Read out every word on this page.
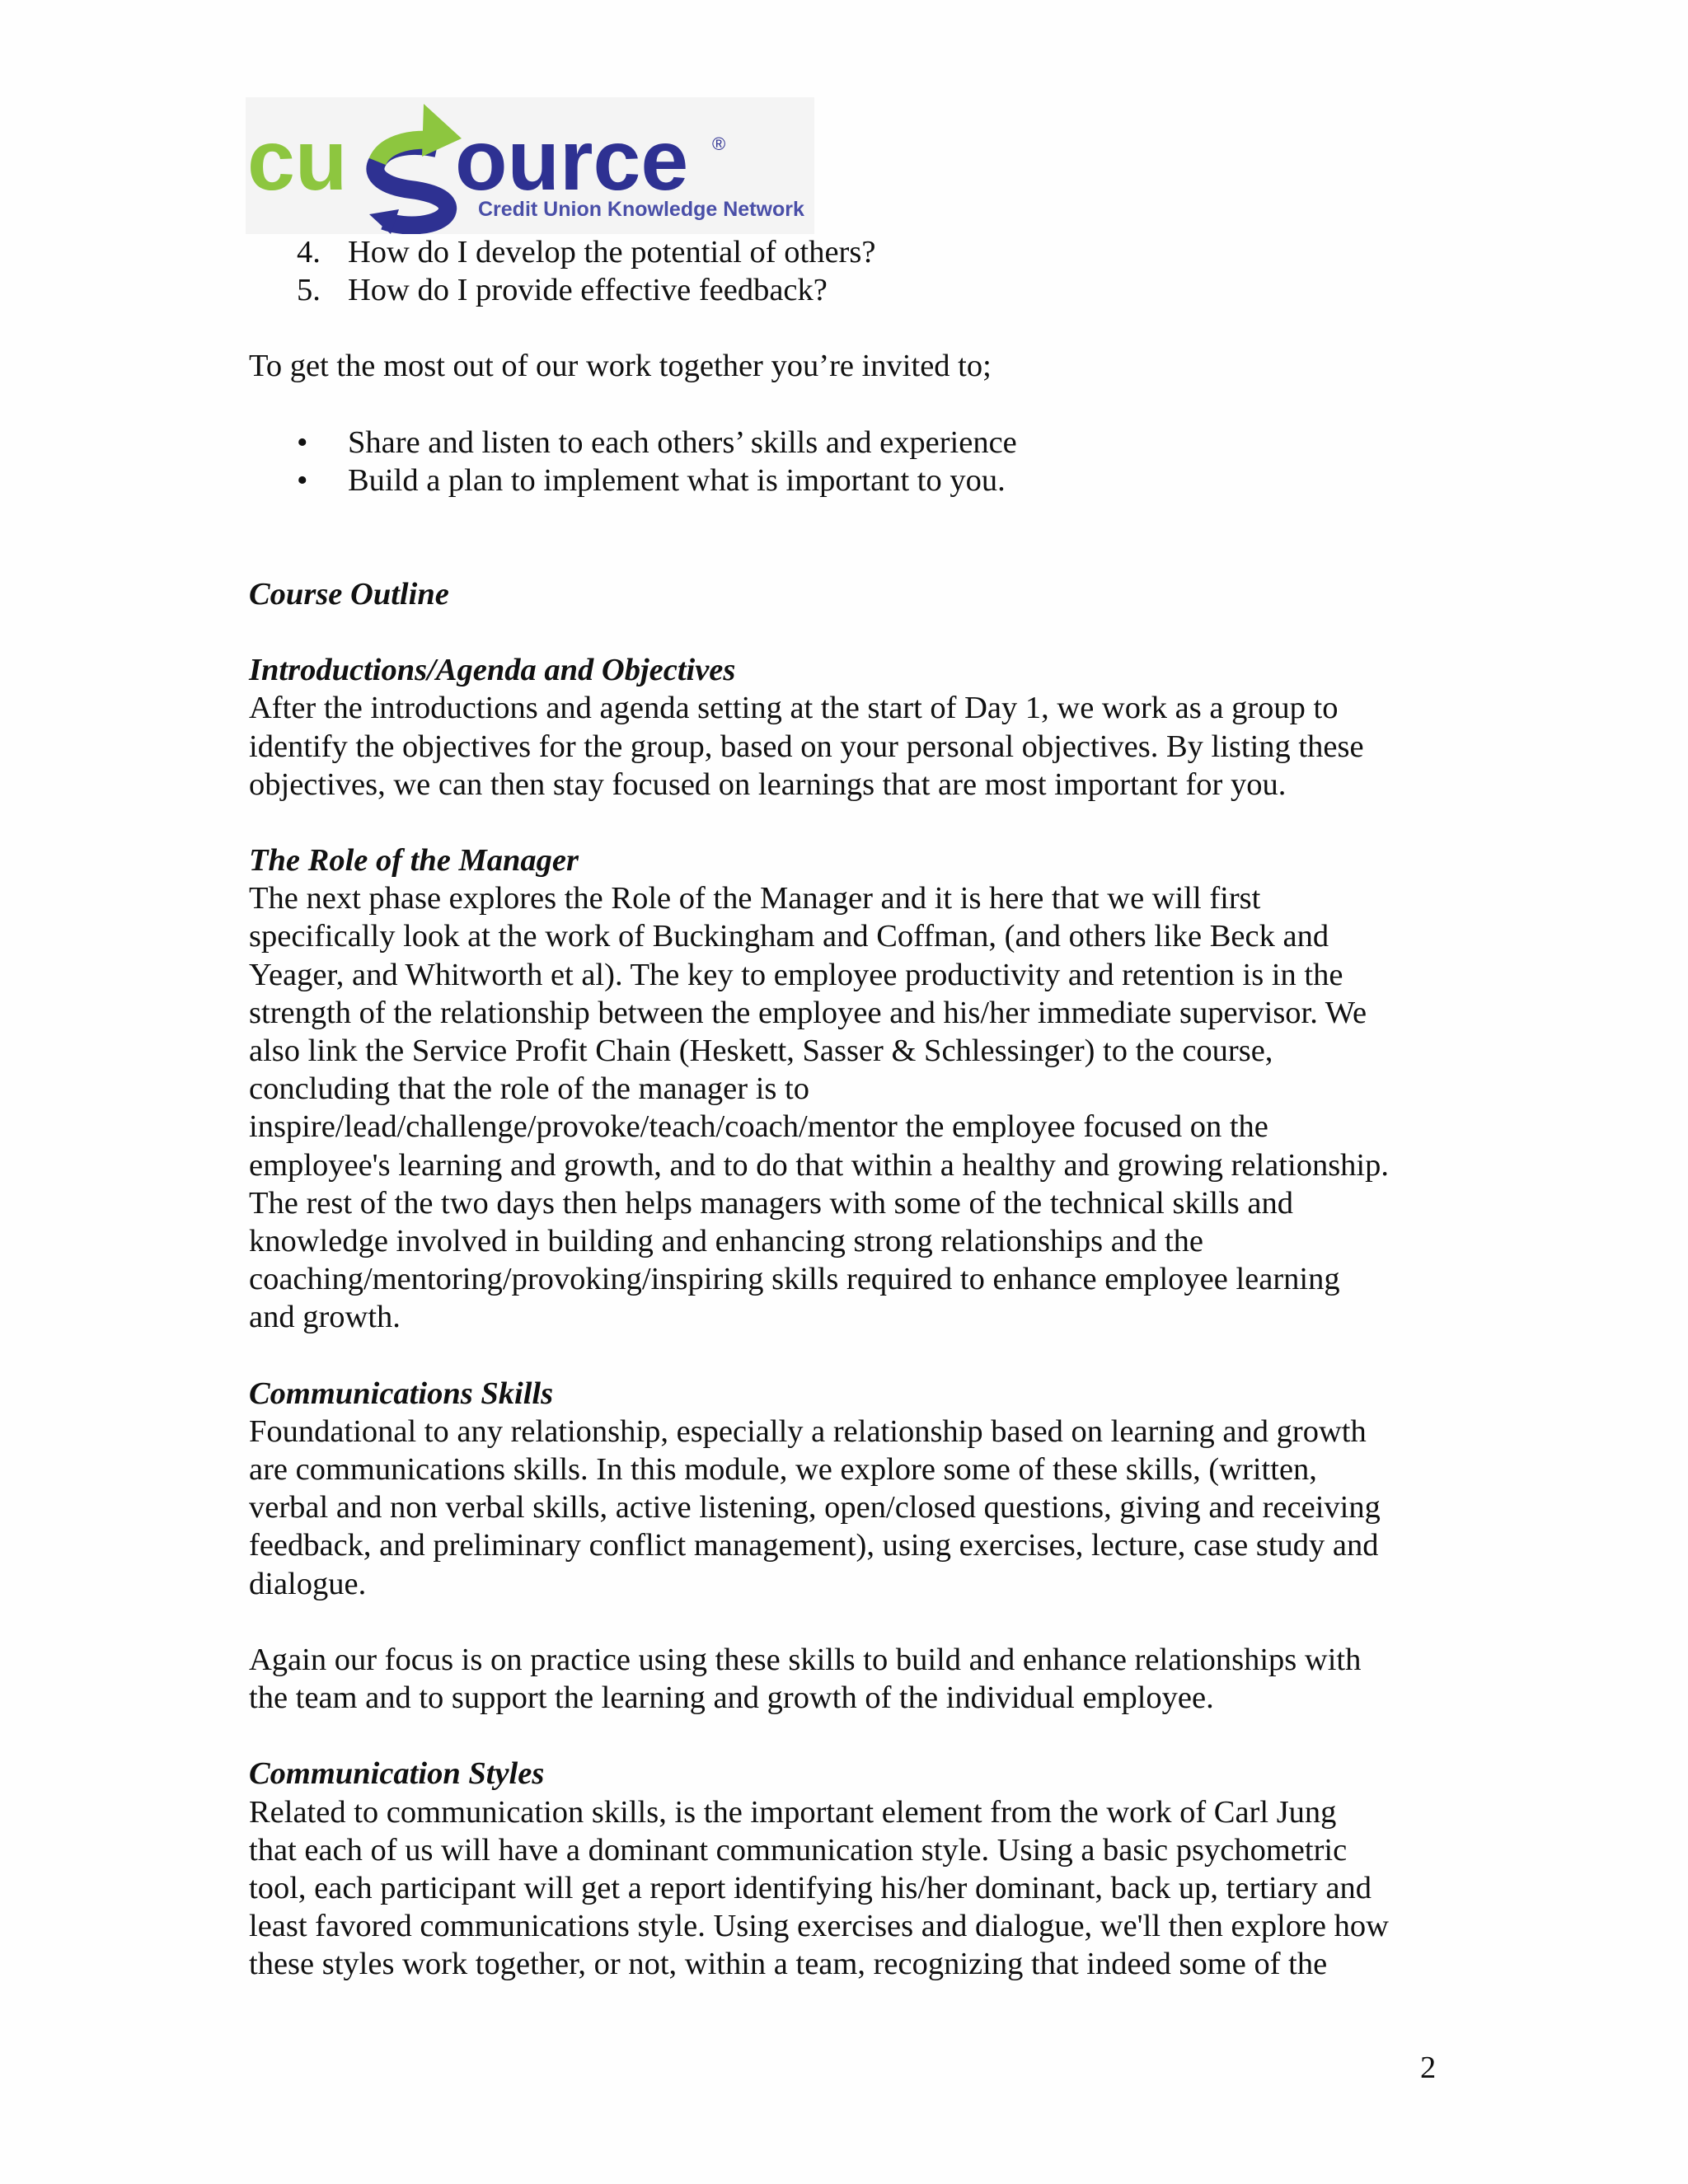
cu ource ®
Credit Union Knowledge Network
4. How do I develop the potential of others?
5. How do I provide effective feedback?

To get the most out of our work together you’re invited to;

• Share and listen to each others’ skills and experience
• Build a plan to implement what is important to you.

Course Outline

Introductions/Agenda and Objectives

After the introductions and agenda setting at the start of Day 1, we work as a group to
identify the objectives for the group, based on your personal objectives. By listing these
objectives, we can then stay focused on learnings that are most important for you.

The Role of the Manager

The next phase explores the Role of the Manager and it is here that we will first
specifically look at the work of Buckingham and Coffman, (and others like Beck and
Yeager, and Whitworth et al). The key to employee productivity and retention is in the
strength of the relationship between the employee and his/her immediate supervisor. We
also link the Service Profit Chain (Heskett, Sasser & Schlessinger) to the course,
concluding that the role of the manager is to
inspire/lead/challenge/provoke/teach/coach/mentor the employee focused on the
employee's learning and growth, and to do that within a healthy and growing relationship.
The rest of the two days then helps managers with some of the technical skills and
knowledge involved in building and enhancing strong relationships and the
coaching/mentoring/provoking/inspiring skills required to enhance employee learning
and growth.

Communications Skills

Foundational to any relationship, especially a relationship based on learning and growth
are communications skills. In this module, we explore some of these skills, (written,
verbal and non verbal skills, active listening, open/closed questions, giving and receiving
feedback, and preliminary conflict management), using exercises, lecture, case study and
dialogue.
Again our focus is on practice using these skills to build and enhance relationships with
the team and to support the learning and growth of the individual employee.

Communication Styles

Related to communication skills, is the important element from the work of Carl Jung
that each of us will have a dominant communication style. Using a basic psychometric
tool, each participant will get a report identifying his/her dominant, back up, tertiary and
least favored communications style. Using exercises and dialogue, we'll then explore how
these styles work together, or not, within a team, recognizing that indeed some of the
2
